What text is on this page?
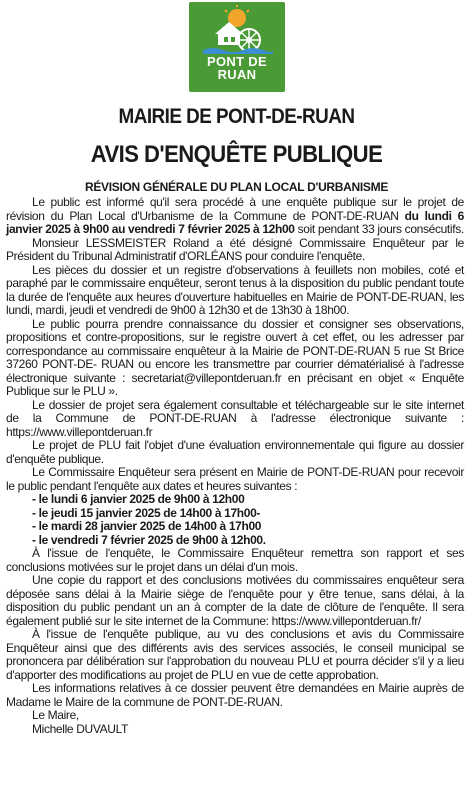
PONT DE
RUAN
MAIRIE DE PONT-DE-RUAN
AVIS D'ENQUÊTE PUBLIQUE
RÉVISION GÉNÉRALE DU PLAN LOCAL D'URBANISME

Le public est informé qu'il sera procédé à une enquête publique sur le projet de révision du Plan Local d'Urbanisme de la Commune de PONT-DE-RUAN du lundi 6 janvier 2025 à 9h00 au vendredi 7 février 2025 à 12h00 soit pendant 33 jours consécutifs.

Monsieur LESSMEISTER Roland a été désigné Commissaire Enquêteur par le Président du Tribunal Administratif d'ORLÉANS pour conduire l'enquête.

Les pièces du dossier et un registre d'observations à feuillets non mobiles, coté et paraphé par le commissaire enquêteur, seront tenus à la disposition du public pendant toute la durée de l'enquête aux heures d'ouverture habituelles en Mairie de PONT-DE-RUAN, les lundi, mardi, jeudi et vendredi de 9h00 à 12h30 et de 13h30 à 18h00.

Le public pourra prendre connaissance du dossier et consigner ses observations, propositions et contre-propositions, sur le registre ouvert à cet effet, ou les adresser par correspondance au commissaire enquêteur à la Mairie de PONT-DE-RUAN 5 rue St Brice 37260 PONT-DE- RUAN ou encore les transmettre par courrier dématérialisé à l'adresse électronique suivante : secretariat@villepontderuan.fr en précisant en objet « Enquête Publique sur le PLU ».

Le dossier de projet sera également consultable et téléchargeable sur le site internet de la Commune de PONT-DE-RUAN à l'adresse électronique suivante : https://www.villepontderuan.fr

Le projet de PLU fait l'objet d'une évaluation environnementale qui figure au dossier d'enquête publique.

Le Commissaire Enquêteur sera présent en Mairie de PONT-DE-RUAN pour recevoir le public pendant l'enquête aux dates et heures suivantes :

- le lundi 6 janvier 2025 de 9h00 à 12h00
- le jeudi 15 janvier 2025 de 14h00 à 17h00-
- le mardi 28 janvier 2025 de 14h00 à 17h00
- le vendredi 7 février 2025 de 9h00 à 12h00.

À l'issue de l'enquête, le Commissaire Enquêteur remettra son rapport et ses conclusions motivées sur le projet dans un délai d'un mois.

Une copie du rapport et des conclusions motivées du commissaires enquêteur sera déposée sans délai à la Mairie siège de l'enquête pour y être tenue, sans délai, à la disposition du public pendant un an à compter de la date de clôture de l'enquête. Il sera également publié sur le site internet de la Commune: https://www.villepontderuan.fr/

À l'issue de l'enquête publique, au vu des conclusions et avis du Commissaire Enquêteur ainsi que des différents avis des services associés, le conseil municipal se prononcera par délibération sur l'approbation du nouveau PLU et pourra décider s'il y a lieu d'apporter des modifications au projet de PLU en vue de cette approbation.

Les informations relatives à ce dossier peuvent être demandées en Mairie auprès de Madame le Maire de la commune de PONT-DE-RUAN.

Le Maire,
Michelle DUVAULT
